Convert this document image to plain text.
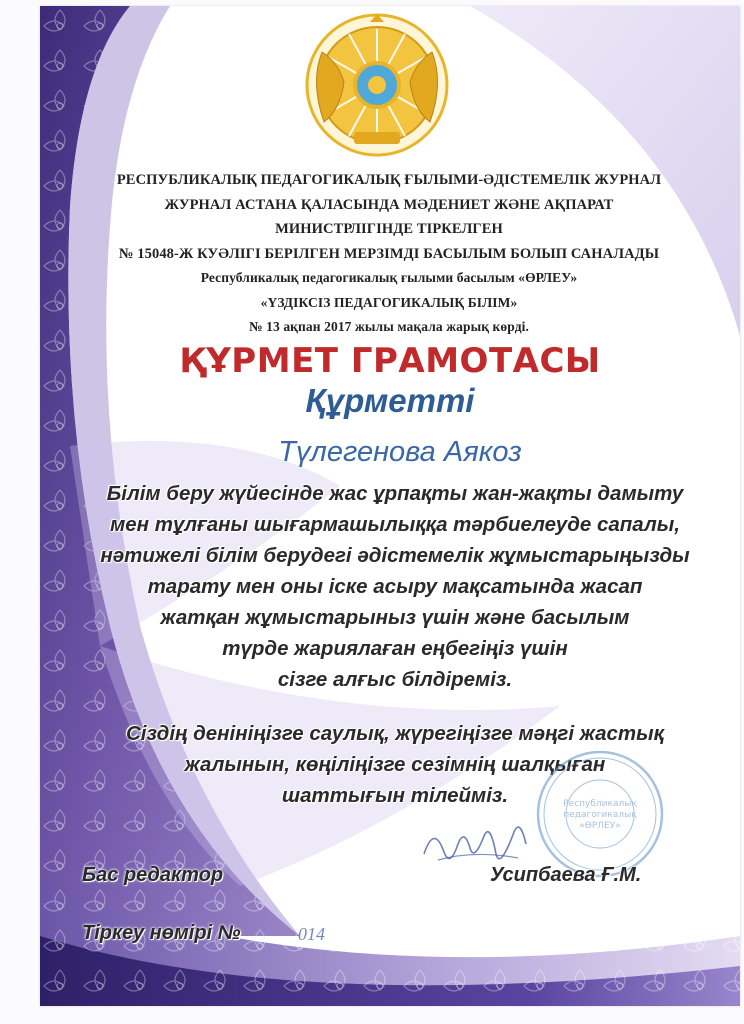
РЕСПУБЛИКАЛЫҚ ПЕДАГОГИКАЛЫҚ ҒЫЛЫМИ-ӘДІСТЕМЕЛІК ЖУРНАЛ
ЖУРНАЛ АСТАНА ҚАЛАСЫНДА МӘДЕНИЕТ ЖӘНЕ АҚПАРАТ
МИНИСТРЛІГІНДЕ ТІРКЕЛГЕН
№ 15048-Ж КУӘЛІГІ БЕРІЛГЕН МЕРЗІМДІ БАСЫЛЫМ БОЛЫП САНАЛАДЫ
Республикалық педагогикалық ғылыми басылым «ӨРЛЕУ»
«ҮЗДІКСІЗ ПЕДАГОГИКАЛЫҚ БІЛІМ»
№ 13 ақпан 2017 жылы мақала жарық көрді.
ҚҰРМЕТ ГРАМОТАСЫ
Құрметті
Түлегенова Аякоз
Білім беру жүйесінде жас ұрпақты жан-жақты дамыту
мен тұлғаны шығармашылыққа тәрбиелеуде сапалы,
нәтижелі білім берудегі әдістемелік жұмыстарыңызды
тарату мен оны іске асыру мақсатында жасап
жатқан жұмыстарыныз үшін және басылым
түрде жариялаған еңбегіңіз үшін
сізге алғыс білдіреміз.
Сіздің денініңізге саулық, жүрегіңізге мәңгі жастық
жалынын, көңіліңізге сезімнің шалқыған
шаттығын тілейміз.	Республикалық
педагогикалық
«ӨРЛЕУ»
Бас редактор	Усипбаева Ғ.М.
Тіркеу нөмірі №	014
